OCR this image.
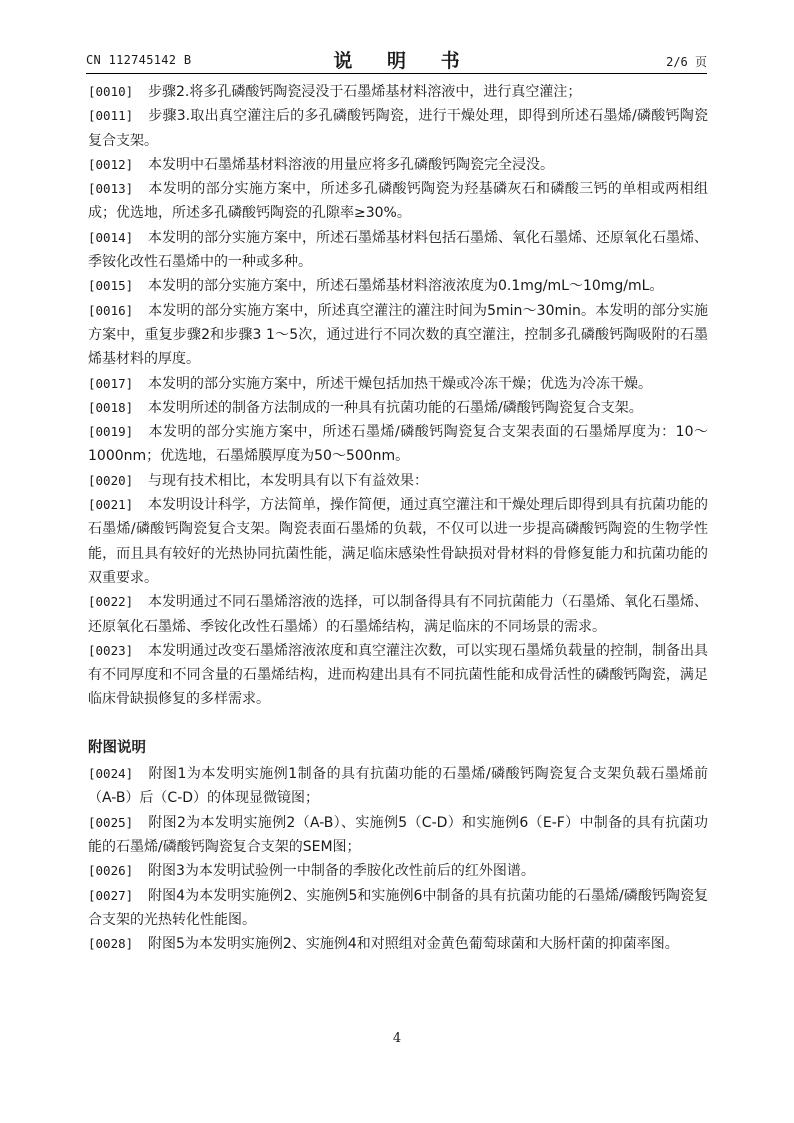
CN 112745142 B	说 明 书	2/6 页
[0010] 步骤2.将多孔磷酸钙陶瓷浸没于石墨烯基材料溶液中，进行真空灌注；
[0011] 步骤3.取出真空灌注后的多孔磷酸钙陶瓷，进行干燥处理，即得到所述石墨烯/磷酸钙陶瓷复合支架。
[0012] 本发明中石墨烯基材料溶液的用量应将多孔磷酸钙陶瓷完全浸没。
[0013] 本发明的部分实施方案中，所述多孔磷酸钙陶瓷为羟基磷灰石和磷酸三钙的单相或两相组成；优选地，所述多孔磷酸钙陶瓷的孔隙率≥30%。
[0014] 本发明的部分实施方案中，所述石墨烯基材料包括石墨烯、氧化石墨烯、还原氧化石墨烯、季铵化改性石墨烯中的一种或多种。
[0015] 本发明的部分实施方案中，所述石墨烯基材料溶液浓度为0.1mg/mL～10mg/mL。
[0016] 本发明的部分实施方案中，所述真空灌注的灌注时间为5min～30min。本发明的部分实施方案中，重复步骤2和步骤3 1～5次，通过进行不同次数的真空灌注，控制多孔磷酸钙陶吸附的石墨烯基材料的厚度。
[0017] 本发明的部分实施方案中，所述干燥包括加热干燥或冷冻干燥；优选为冷冻干燥。
[0018] 本发明所述的制备方法制成的一种具有抗菌功能的石墨烯/磷酸钙陶瓷复合支架。
[0019] 本发明的部分实施方案中，所述石墨烯/磷酸钙陶瓷复合支架表面的石墨烯厚度为：10～1000nm；优选地，石墨烯膜厚度为50～500nm。
[0020] 与现有技术相比，本发明具有以下有益效果：
[0021] 本发明设计科学，方法简单，操作简便，通过真空灌注和干燥处理后即得到具有抗菌功能的石墨烯/磷酸钙陶瓷复合支架。陶瓷表面石墨烯的负载，不仅可以进一步提高磷酸钙陶瓷的生物学性能，而且具有较好的光热协同抗菌性能，满足临床感染性骨缺损对骨材料的骨修复能力和抗菌功能的双重要求。
[0022] 本发明通过不同石墨烯溶液的选择，可以制备得具有不同抗菌能力（石墨烯、氧化石墨烯、还原氧化石墨烯、季铵化改性石墨烯）的石墨烯结构，满足临床的不同场景的需求。
[0023] 本发明通过改变石墨烯溶液浓度和真空灌注次数，可以实现石墨烯负载量的控制，制备出具有不同厚度和不同含量的石墨烯结构，进而构建出具有不同抗菌性能和成骨活性的磷酸钙陶瓷，满足临床骨缺损修复的多样需求。
附图说明
[0024] 附图1为本发明实施例1制备的具有抗菌功能的石墨烯/磷酸钙陶瓷复合支架负载石墨烯前（A-B）后（C-D）的体现显微镜图；
[0025] 附图2为本发明实施例2（A-B）、实施例5（C-D）和实施例6（E-F）中制备的具有抗菌功能的石墨烯/磷酸钙陶瓷复合支架的SEM图；
[0026] 附图3为本发明试验例一中制备的季胺化改性前后的红外图谱。
[0027] 附图4为本发明实施例2、实施例5和实施例6中制备的具有抗菌功能的石墨烯/磷酸钙陶瓷复合支架的光热转化性能图。
[0028] 附图5为本发明实施例2、实施例4和对照组对金黄色葡萄球菌和大肠杆菌的抑菌率图。
4
